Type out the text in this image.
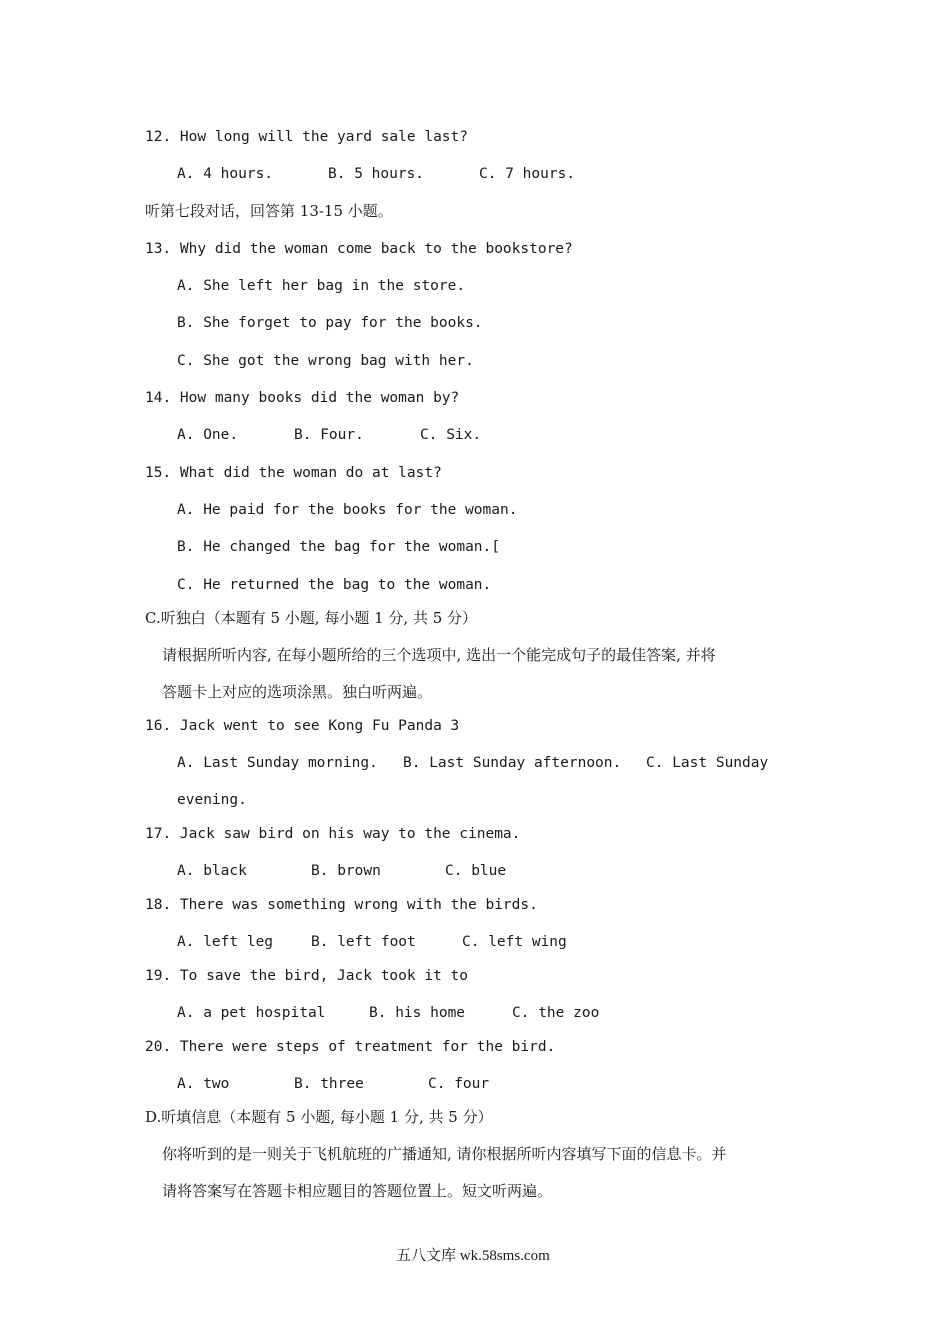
12. How long will the yard sale last?
A. 4 hours.	B. 5 hours.	C. 7 hours.
听第七段对话，回答第 13-15 小题。
13. Why did the woman come back to the bookstore?
A. She left her bag in the store.
B. She forget to pay for the books.
C. She got the wrong bag with her.
14. How many books did the woman by?
A. One.	B. Four.	C. Six.
15. What did the woman do at last?
A. He paid for the books for the woman.
B. He changed the bag for the woman.[
C. He returned the bag to the woman.
C.听独白（本题有 5 小题, 每小题 1 分, 共 5 分）
请根据所听内容, 在每小题所给的三个选项中, 选出一个能完成句子的最佳答案, 并将
答题卡上对应的选项涂黑。独白听两遍。
16. Jack went to see Kong Fu Panda 3
A. Last Sunday morning. B. Last Sunday afternoon. C. Last Sunday
evening.
17. Jack saw bird on his way to the cinema.
A. black	B. brown	C. blue
18. There was something wrong with the birds.
A. left leg	B. left foot	C. left wing
19. To save the bird, Jack took it to
A. a pet hospital	B. his home	C. the zoo
20. There were steps of treatment for the bird.
A. two	B. three	C. four
D.听填信息（本题有 5 小题, 每小题 1 分, 共 5 分）
你将听到的是一则关于飞机航班的广播通知, 请你根据所听内容填写下面的信息卡。并
请将答案写在答题卡相应题目的答题位置上。短文听两遍。
五八文库 wk.58sms.com
